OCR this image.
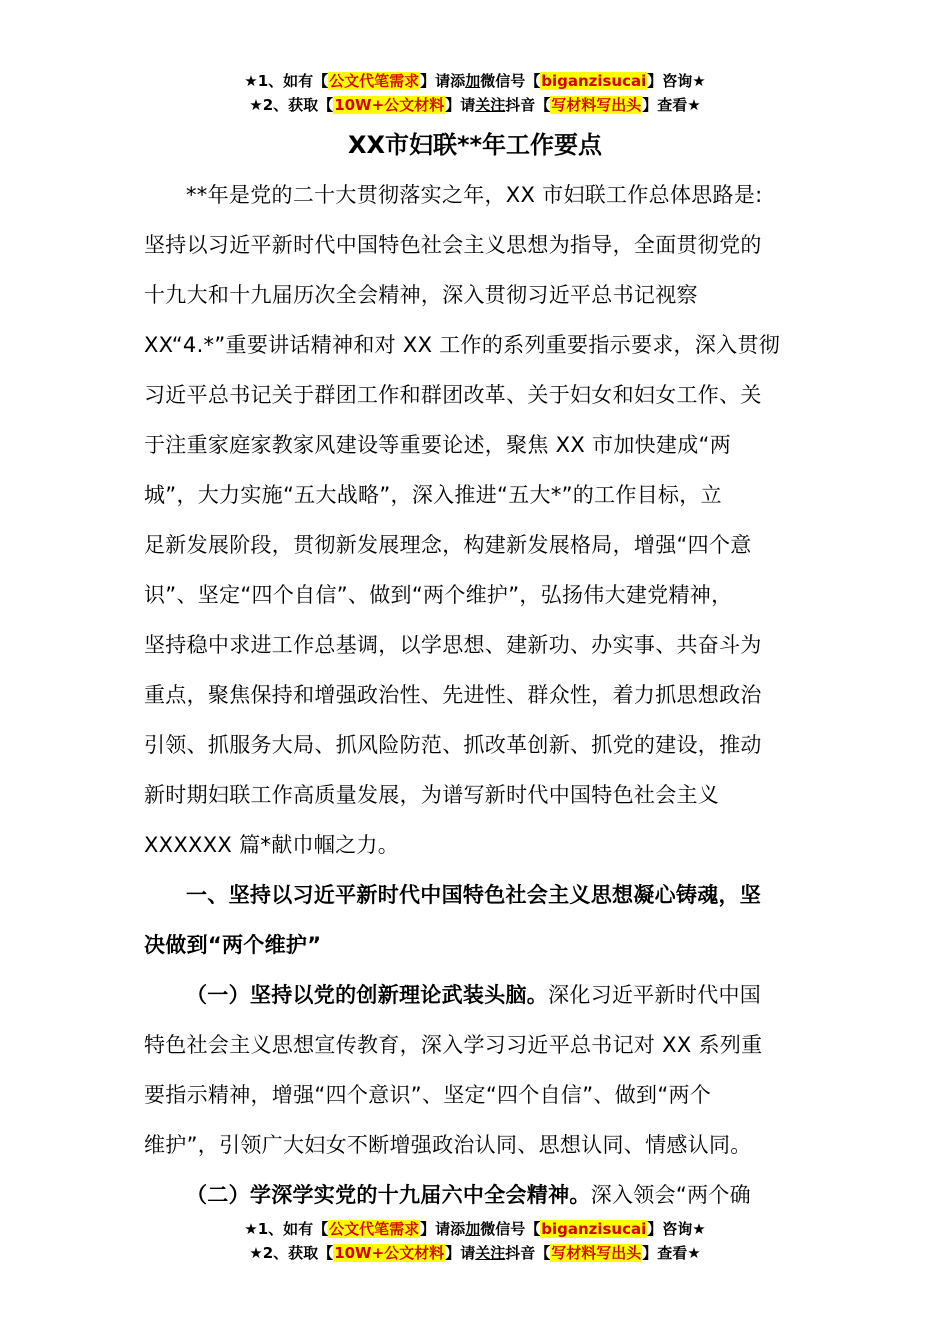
★1、如有【公文代笔需求】请添加微信号【biganzisucai】咨询★
★2、获取【10W+公文材料】请关注抖音【写材料写出头】查看★
XX市妇联**年工作要点
**年是党的二十大贯彻落实之年，XX 市妇联工作总体思路是:
坚持以习近平新时代中国特色社会主义思想为指导，全面贯彻党的
十九大和十九届历次全会精神，深入贯彻习近平总书记视察
XX“4.*”重要讲话精神和对 XX 工作的系列重要指示要求，深入贯彻
习近平总书记关于群团工作和群团改革、关于妇女和妇女工作、关
于注重家庭家教家风建设等重要论述，聚焦 XX 市加快建成“两
城”，大力实施“五大战略”，深入推进“五大*”的工作目标，立
足新发展阶段，贯彻新发展理念，构建新发展格局，增强“四个意
识”、坚定“四个自信”、做到“两个维护”，弘扬伟大建党精神，
坚持稳中求进工作总基调，以学思想、建新功、办实事、共奋斗为
重点，聚焦保持和增强政治性、先进性、群众性，着力抓思想政治
引领、抓服务大局、抓风险防范、抓改革创新、抓党的建设，推动
新时期妇联工作高质量发展，为谱写新时代中国特色社会主义
XXXXXX 篇*献巾帼之力。
一、坚持以习近平新时代中国特色社会主义思想凝心铸魂，坚
决做到“两个维护”
（一）坚持以党的创新理论武装头脑。深化习近平新时代中国
特色社会主义思想宣传教育，深入学习习近平总书记对 XX 系列重
要指示精神，增强“四个意识”、坚定“四个自信”、做到“两个
维护”，引领广大妇女不断增强政治认同、思想认同、情感认同。
（二）学深学实党的十九届六中全会精神。深入领会“两个确
★1、如有【公文代笔需求】请添加微信号【biganzisucai】咨询★
★2、获取【10W+公文材料】请关注抖音【写材料写出头】查看★
